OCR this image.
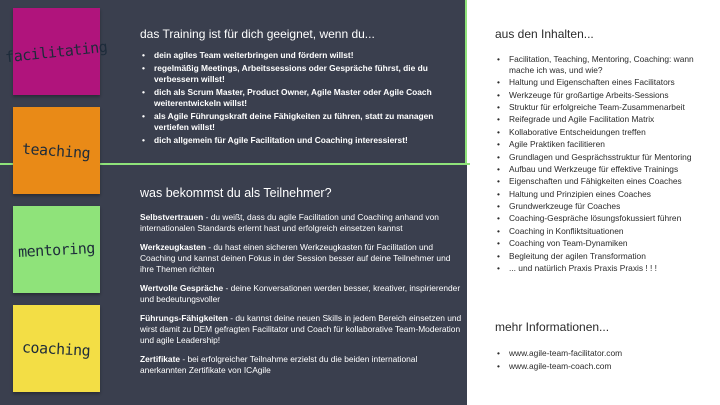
facilitating
teaching
mentoring
coaching
das Training ist für dich geeignet, wenn du...
• dein agiles Team weiterbringen und fördern willst!
• regelmäßig Meetings, Arbeitssessions oder Gespräche führst, die du verbessern willst!
• dich als Scrum Master, Product Owner, Agile Master oder Agile Coach weiterentwickeln willst!
• als Agile Führungskraft deine Fähigkeiten zu führen, statt zu managen vertiefen willst!
• dich allgemein für Agile Facilitation und Coaching interessierst!
was bekommst du als Teilnehmer?

Selbstvertrauen - du weißt, dass du agile Facilitation und Coaching anhand von internationalen Standards erlernt hast und erfolgreich einsetzen kannst

Werkzeugkasten - du hast einen sicheren Werkzeugkasten für Facilitation und Coaching und kannst deinen Fokus in der Session besser auf deine Teilnehmer und ihre Themen richten

Wertvolle Gespräche - deine Konversationen werden besser, kreativer, inspirierender und bedeutungsvoller

Führungs-Fähigkeiten - du kannst deine neuen Skills in jedem Bereich einsetzen und wirst damit zu DEM gefragten Facilitator und Coach für kollaborative Team-Moderation und agile Leadership!

Zertifikate - bei erfolgreicher Teilnahme erzielst du die beiden international anerkannten Zertifikate von ICAgile

aus den Inhalten...
• Facilitation, Teaching, Mentoring, Coaching: wann mache ich was, und wie?
• Haltung und Eigenschaften eines Facilitators
• Werkzeuge für großartige Arbeits-Sessions
• Struktur für erfolgreiche Team-Zusammenarbeit
• Reifegrade und Agile Facilitation Matrix
• Kollaborative Entscheidungen treffen
• Agile Praktiken facilitieren
• Grundlagen und Gesprächsstruktur für Mentoring
• Aufbau und Werkzeuge für effektive Trainings
• Eigenschaften und Fähigkeiten eines Coaches
• Haltung und Prinzipien eines Coaches
• Grundwerkzeuge für Coaches
• Coaching-Gespräche lösungsfokussiert führen
• Coaching in Konfliktsituationen
• Coaching von Team-Dynamiken
• Begleitung der agilen Transformation
• ... und natürlich Praxis Praxis Praxis ! ! !
mehr Informationen...
• www.agile-team-facilitator.com
• www.agile-team-coach.com
